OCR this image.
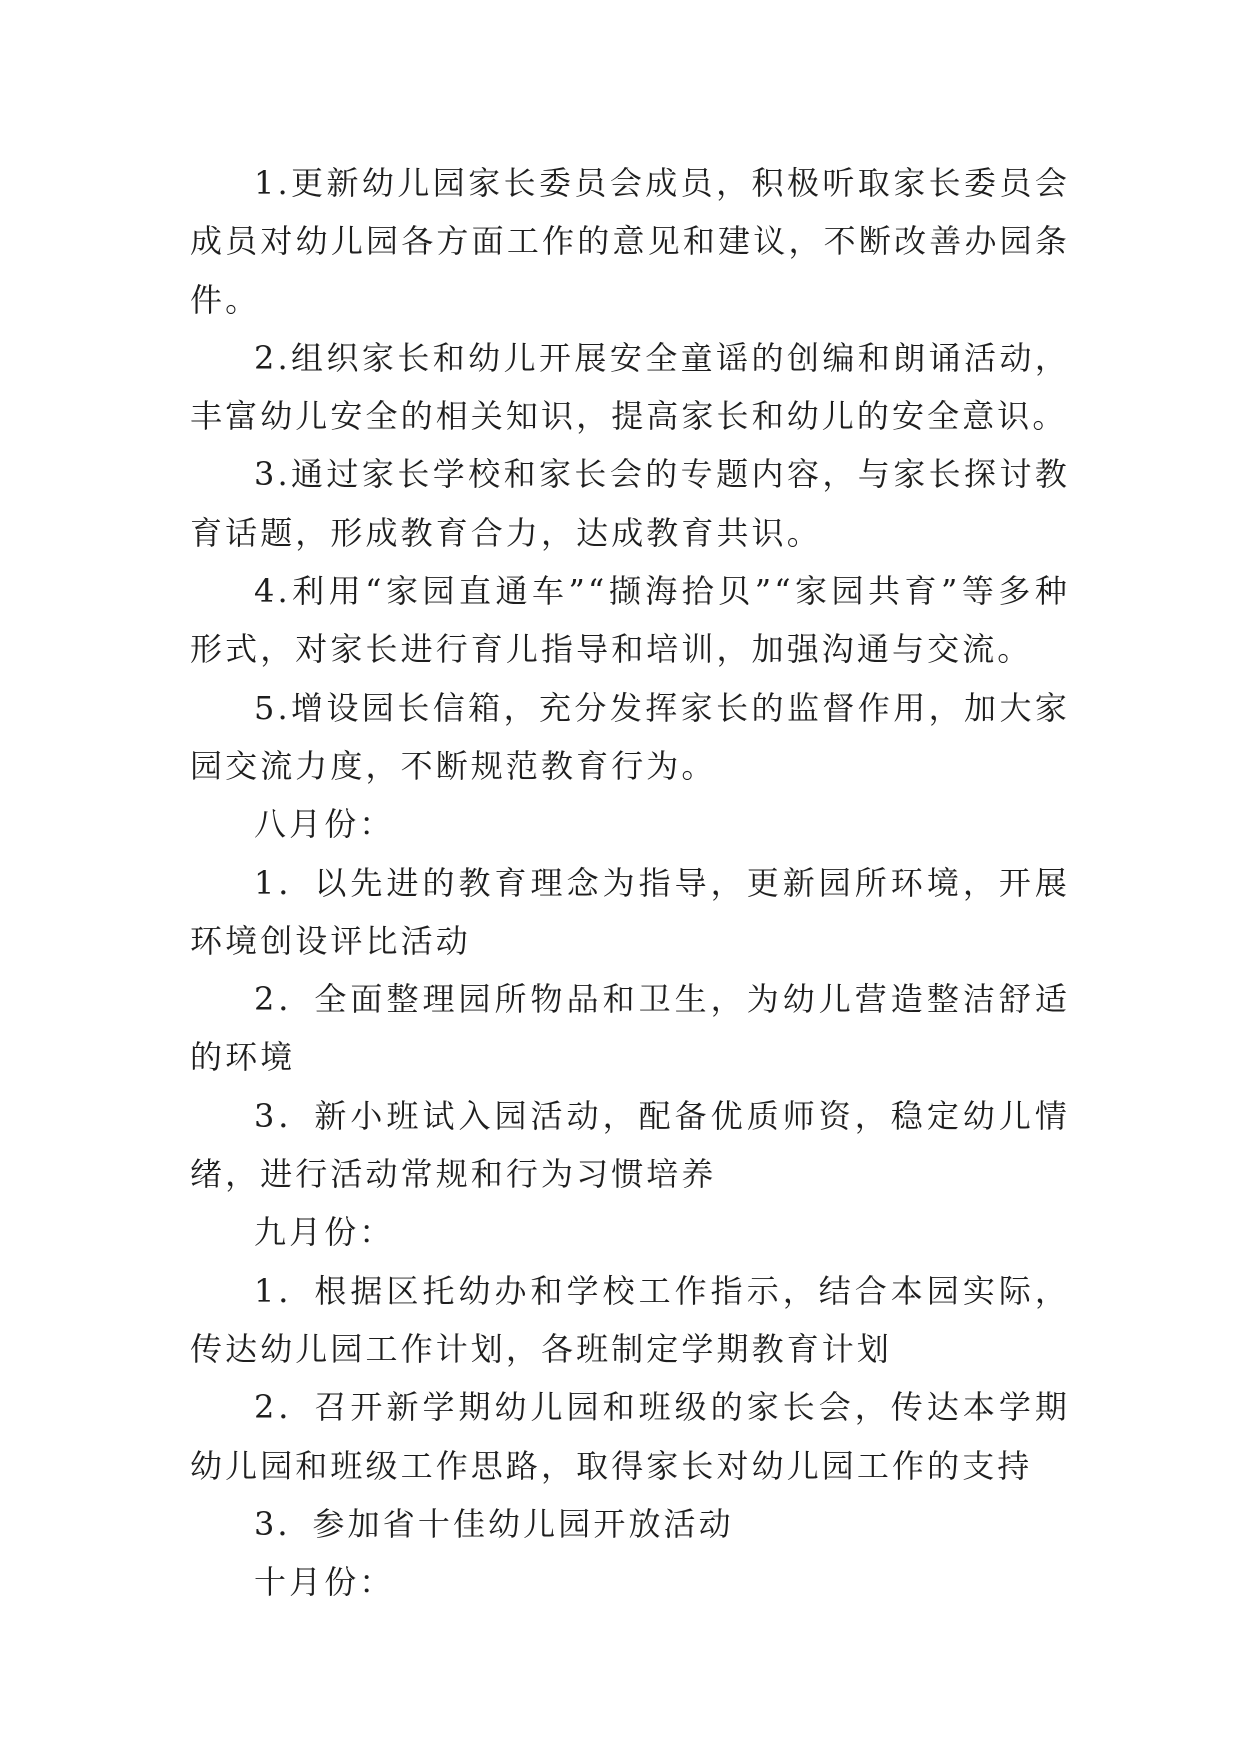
1.更新幼儿园家长委员会成员，积极听取家长委员会成员对幼儿园各方面工作的意见和建议，不断改善办园条件。

2.组织家长和幼儿开展安全童谣的创编和朗诵活动，丰富幼儿安全的相关知识，提高家长和幼儿的安全意识。

3.通过家长学校和家长会的专题内容，与家长探讨教育话题，形成教育合力，达成教育共识。

4.利用“家园直通车”“撷海拾贝”“家园共育”等多种形式，对家长进行育儿指导和培训，加强沟通与交流。

5.增设园长信箱，充分发挥家长的监督作用，加大家园交流力度，不断规范教育行为。

八月份：

1．以先进的教育理念为指导，更新园所环境，开展环境创设评比活动

2．全面整理园所物品和卫生，为幼儿营造整洁舒适的环境

3．新小班试入园活动，配备优质师资，稳定幼儿情绪，进行活动常规和行为习惯培养

九月份：

1．根据区托幼办和学校工作指示，结合本园实际，传达幼儿园工作计划，各班制定学期教育计划

2．召开新学期幼儿园和班级的家长会，传达本学期幼儿园和班级工作思路，取得家长对幼儿园工作的支持

3．参加省十佳幼儿园开放活动

十月份：
